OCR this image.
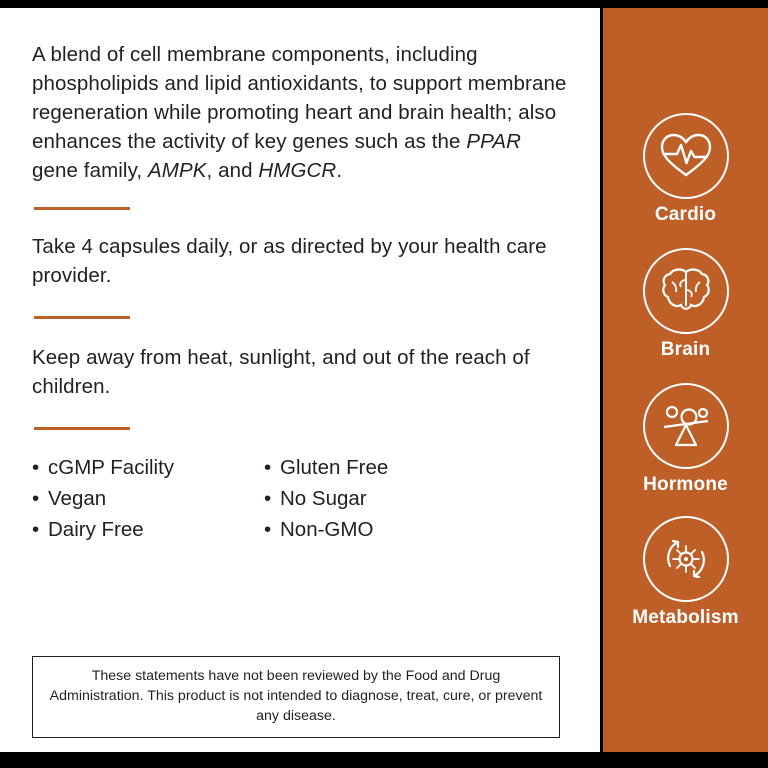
A blend of cell membrane components, including phospholipids and lipid antioxidants, to support membrane regeneration while promoting heart and brain health; also enhances the activity of key genes such as the PPAR gene family, AMPK, and HMGCR.
Take 4 capsules daily, or as directed by your health care provider.
Keep away from heat, sunlight, and out of the reach of children.
• cGMP Facility
• Vegan
• Dairy Free
• Gluten Free
• No Sugar
• Non-GMO
These statements have not been reviewed by the Food and Drug Administration. This product is not intended to diagnose, treat, cure, or prevent any disease.
Cardio
Brain
Hormone
Metabolism
